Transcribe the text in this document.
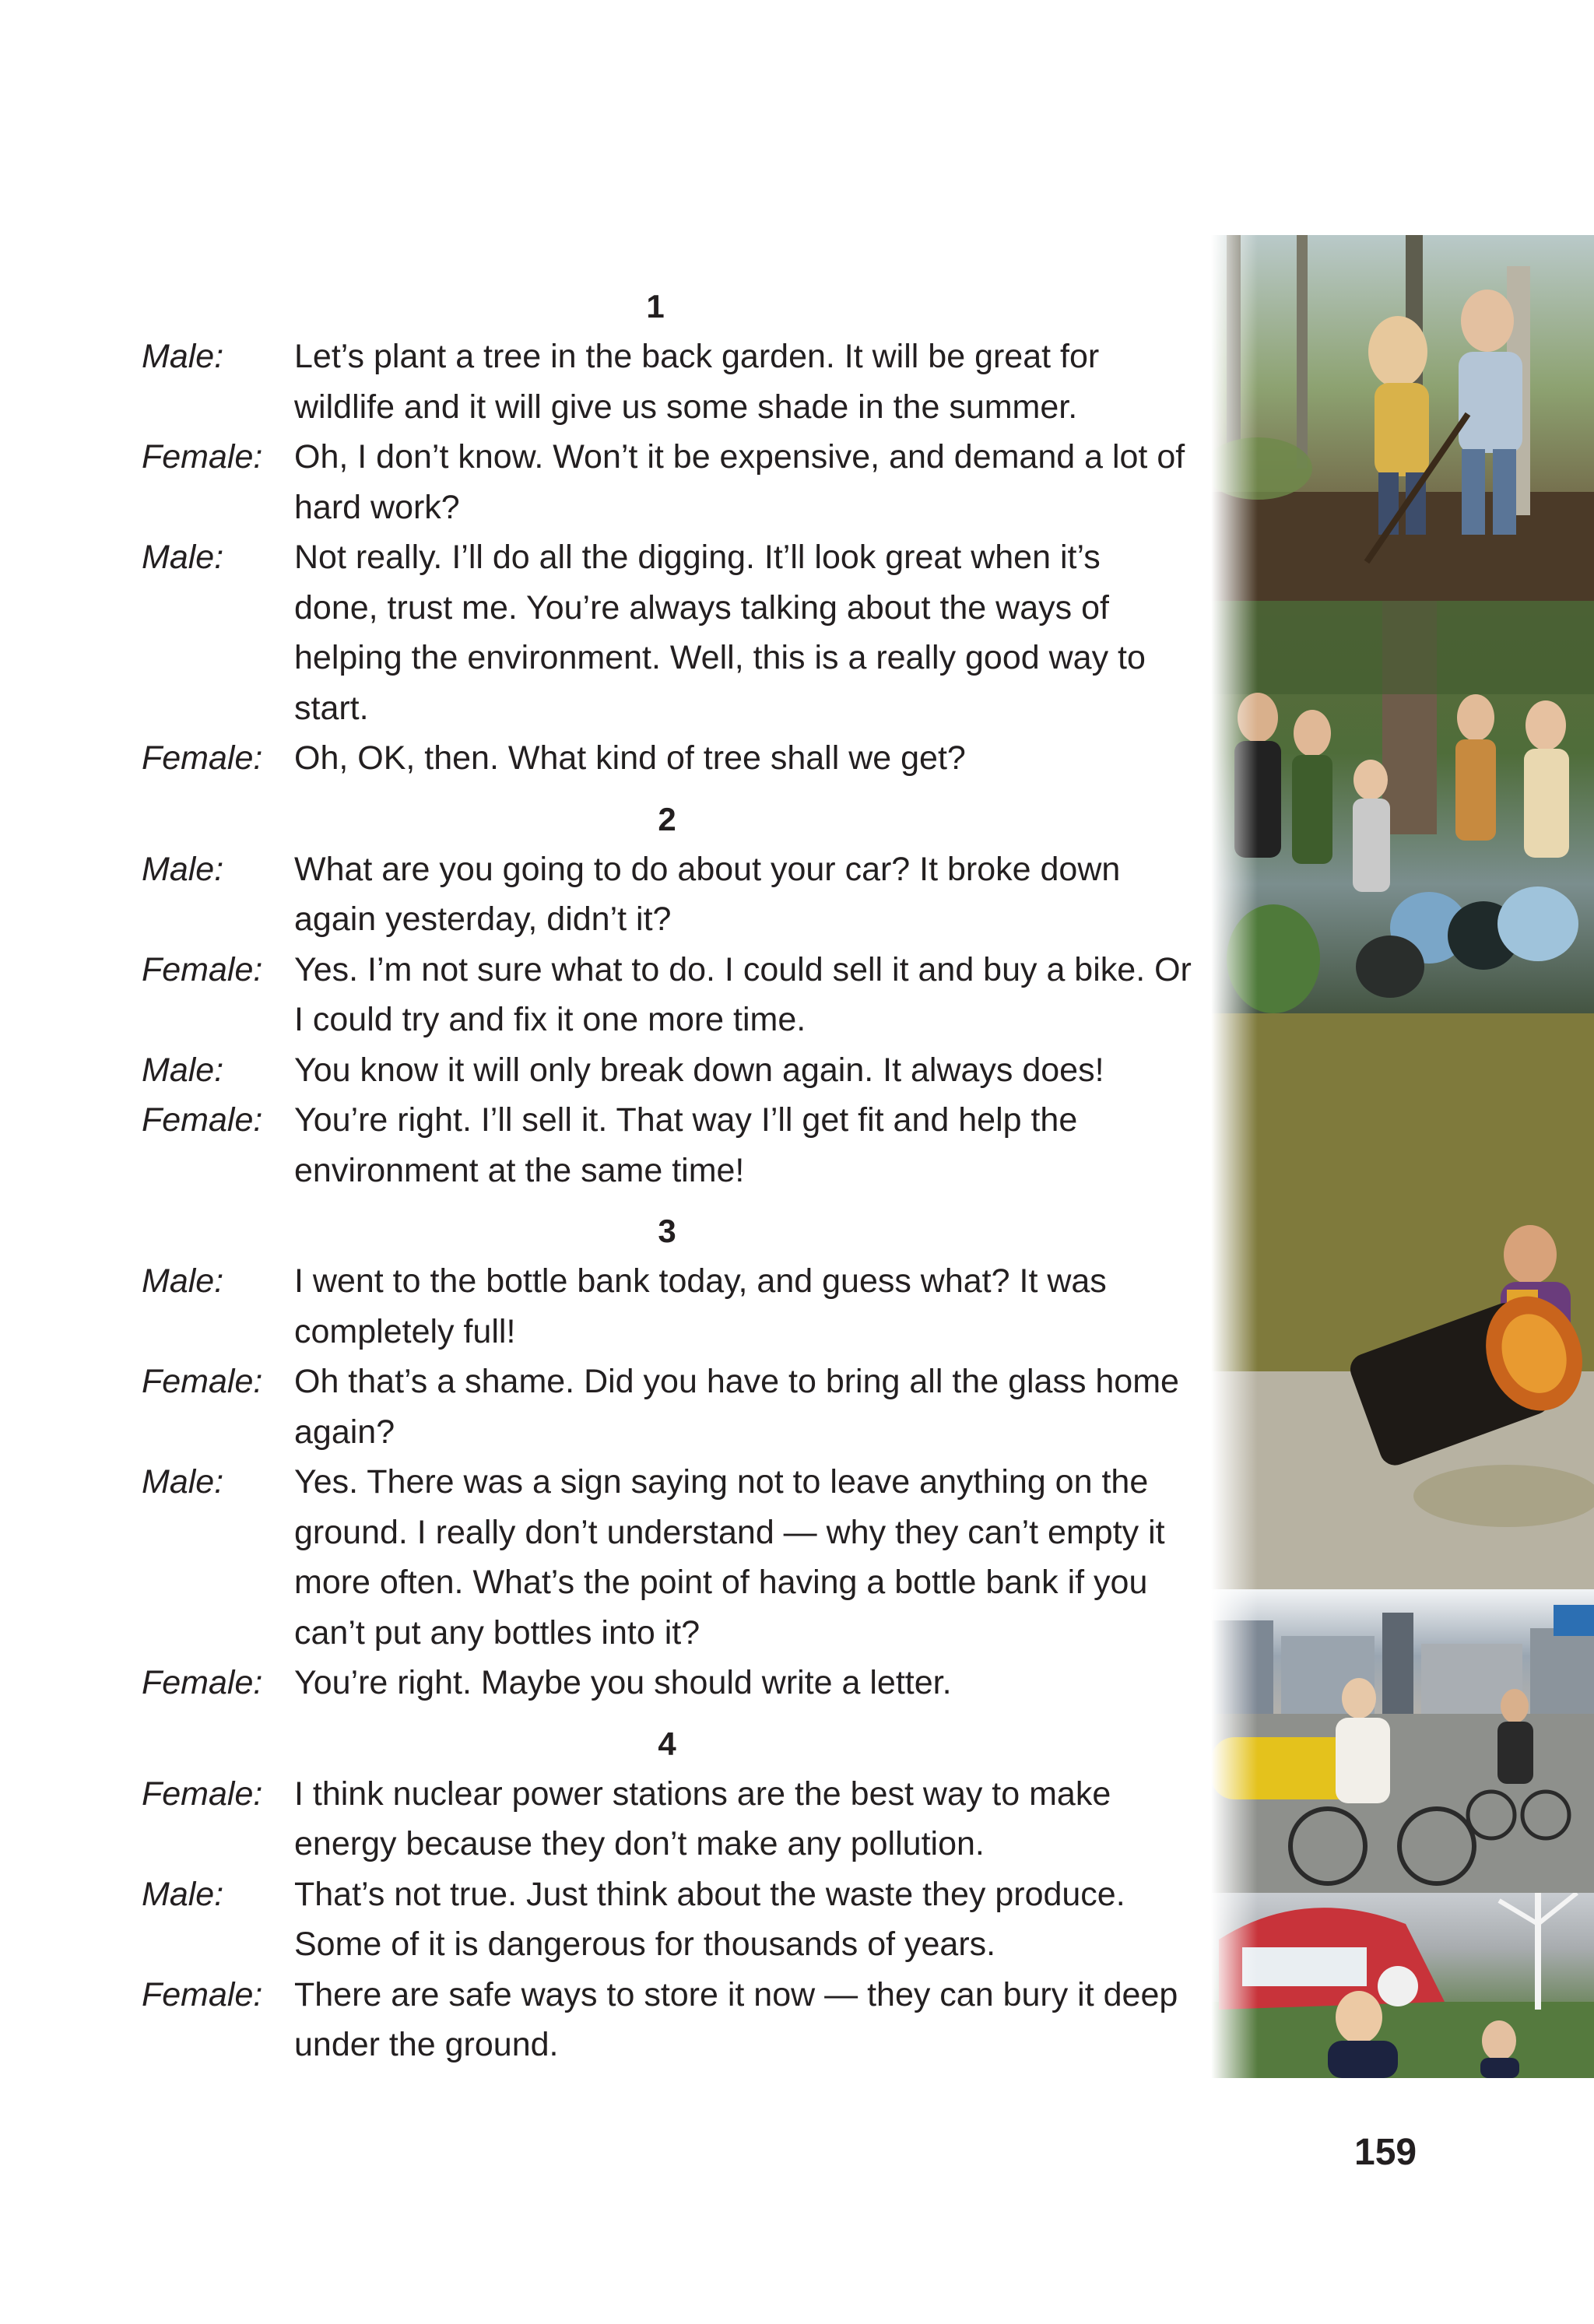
1

Male:	Let’s plant a tree in the back garden. It will be great for wildlife and it will give us some shade in the summer.
Female: Oh, I don’t know. Won’t it be expensive, and demand a lot of hard work?
Male:	Not really. I’ll do all the digging. It’ll look great when it’s done, trust me. You’re always talking about the ways of helping the environment. Well, this is a really good way to start.
Female: Oh, OK, then. What kind of tree shall we get?

2

Male:	What are you going to do about your car? It broke down again yesterday, didn’t it?
Female: Yes. I’m not sure what to do. I could sell it and buy a bike. Or I could try and fix it one more time.
Male:	You know it will only break down again. It always does!
Female: You’re right. I’ll sell it. That way I’ll get fit and help the environment at the same time!

3

Male:	I went to the bottle bank today, and guess what? It was completely full!
Female: Oh that’s a shame. Did you have to bring all the glass home again?
Male:	Yes. There was a sign saying not to leave anything on the ground. I really don’t understand — why they can’t empty it more often. What’s the point of having a bottle bank if you can’t put any bottles into it?
Female: You’re right. Maybe you should write a letter.

4

Female: I think nuclear power stations are the best way to make energy because they don’t make any pollution.
Male:	That’s not true. Just think about the waste they produce. Some of it is dangerous for thousands of years.
Female: There are safe ways to store it now — they can bury it deep under the ground.
159
